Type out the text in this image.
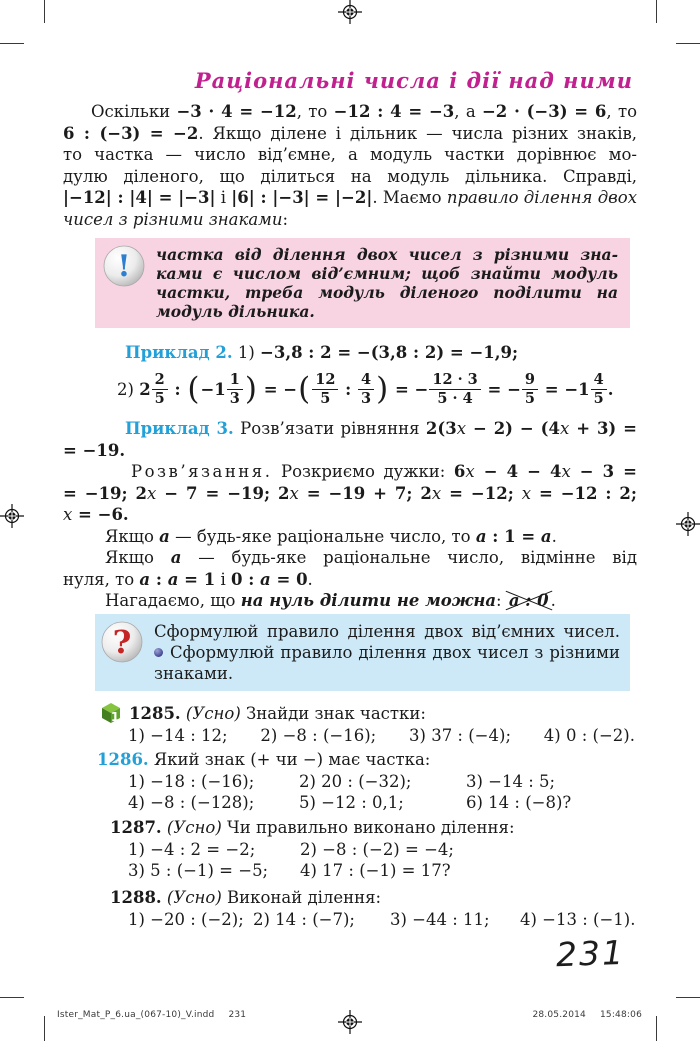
Раціональні числа і дії над ними
Оскільки −3 · 4 = −12, то −12 : 4 = −3, а −2 · (−3) = 6, то
6 : (−3) = −2. Якщо ділене і дільник — числа різних знаків,
то частка — число від’ємне, а модуль частки дорівнює мо-
дулю діленого, що ділиться на модуль дільника. Справді,
|−12| : |4| = |−3| і |6| : |−3| = |−2|. Маємо правило ділення двох
чисел з різними знаками:
! частка від ділення двох чисел з різними зна-
ками є числом від’ємним; щоб знайти модуль
частки, треба модуль діленого поділити на
модуль дільника.
Приклад 2. 1) −3,8 : 2 = −(3,8 : 2) = −1,9;
2) $2 \frac{2}{5}$ : ( $-1 \frac{1}{3}$ ) = − ( $\frac{12}{5}$ : $\frac{4}{3}$ ) = − $\frac{12 \cdot 3}{5 \cdot 4}$ = − $\frac{9}{5} = -1 \frac{4}{5}$ .
Приклад 3. Розв’язати рівняння 2(3x − 2) − (4x + 3) =
= −19.
Розв’язання. Розкриємо дужки: 6x − 4 − 4x − 3 =
= −19; 2x − 7 = −19; 2x = −19 + 7; 2x = −12; x = −12 : 2;
x = −6.
Якщо a — будь-яке раціональне число, то a : 1 = a.
Якщо a — будь-яке раціональне число, відмінне від
нуля, то a : a = 1 і 0 : a = 0.
Нагадаємо, що на нуль ділити не можна: a : 0 .
? Сформулюй правило ділення двох від’ємних чисел.
Сформулюй правило ділення двох чисел з різними
знаками.
1 1285. (Усно) Знайди знак частки:
1) −14 : 12; 2) −8 : (−16); 3) 37 : (−4); 4) 0 : (−2).
1286. Який знак (+ чи −) має частка:
1) −18 : (−16);	2) 20 : (−32);	3) −14 : 5;
4) −8 : (−128);	5) −12 : 0,1;	6) 14 : (−8)?
1287. (Усно) Чи правильно виконано ділення:
1) −4 : 2 = −2;	2) −8 : (−2) = −4;
3) 5 : (−1) = −5;	4) 17 : (−1) = 17?
1288. (Усно) Виконай ділення:
1) −20 : (−2); 2) 14 : (−7);	3) −44 : 11;	4) −13 : (−1).
231
Ister_Mat_P_6.ua_(067-10)_V.indd 231	28.05.2014 15:48:06
